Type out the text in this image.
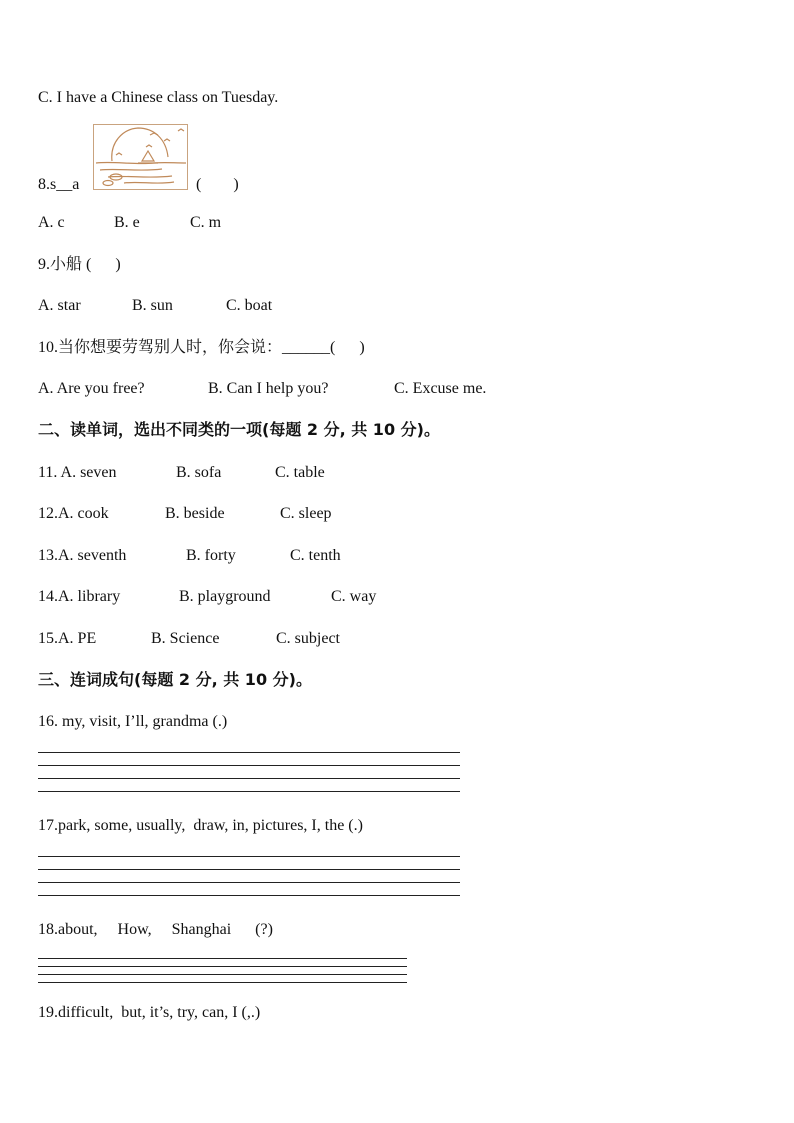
C. I have a Chinese class on Tuesday.
8.s__a	(        )
A. c	B. e	C. m
9.小船 (      )
A. star	B. sun	C. boat
10.当你想要劳驾别人时，你会说：______(      )
A. Are you free?	B. Can I help you?	C. Excuse me.
二、读单词，选出不同类的一项(每题 2 分, 共 10 分)。
11. A. seven	B. sofa	C. table
12.A. cook	B. beside	C. sleep
13.A. seventh	B. forty	C. tenth
14.A. library	B. playground	C. way
15.A. PE	B. Science	C. subject
三、连词成句(每题 2 分, 共 10 分)。
16. my, visit, I’ll, grandma (.)
17.park, some, usually,  draw, in, pictures, I, the (.)
18.about,     How,     Shanghai      (?)
19.difficult,  but, it’s, try, can, I (,.)
